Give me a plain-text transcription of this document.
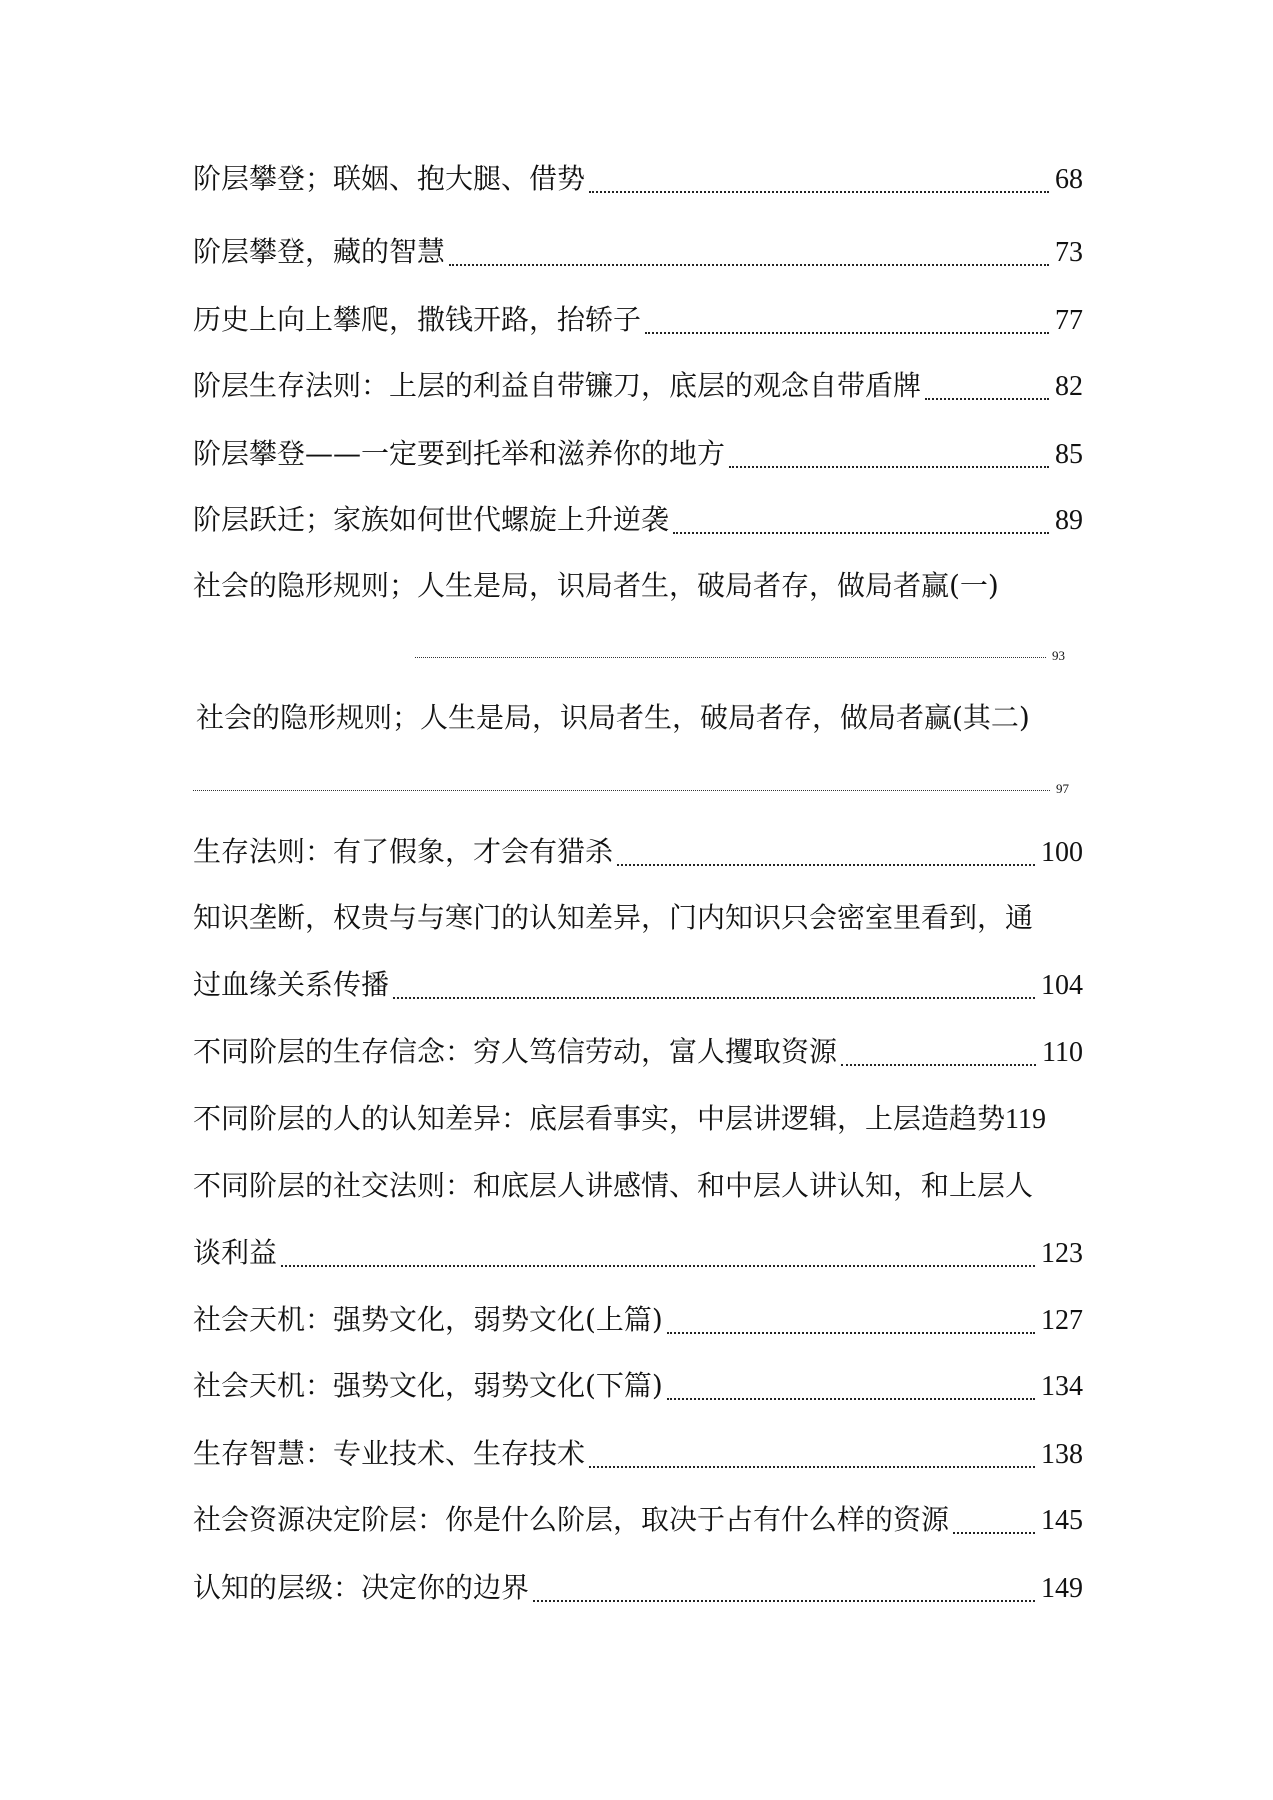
阶层攀登；联姻、抱大腿、借势	68
阶层攀登，藏的智慧	73
历史上向上攀爬，撒钱开路，抬轿子	77
阶层生存法则：上层的利益自带镰刀，底层的观念自带盾牌	82
阶层攀登——一定要到托举和滋养你的地方	85
阶层跃迁；家族如何世代螺旋上升逆袭	89
社会的隐形规则；人生是局，识局者生，破局者存，做局者赢(一)
93
社会的隐形规则；人生是局，识局者生，破局者存，做局者赢(其二)
97
生存法则：有了假象，才会有猎杀	100
知识垄断，权贵与与寒门的认知差异，门内知识只会密室里看到，通
过血缘关系传播	104
不同阶层的生存信念：穷人笃信劳动，富人攫取资源	110
不同阶层的人的认知差异：底层看事实，中层讲逻辑，上层造趋势 119
不同阶层的社交法则：和底层人讲感情、和中层人讲认知，和上层人
谈利益	123
社会天机：强势文化，弱势文化(上篇)	127
社会天机：强势文化，弱势文化(下篇)	134
生存智慧：专业技术、生存技术	138
社会资源决定阶层：你是什么阶层，取决于占有什么样的资源	145
认知的层级：决定你的边界	149
